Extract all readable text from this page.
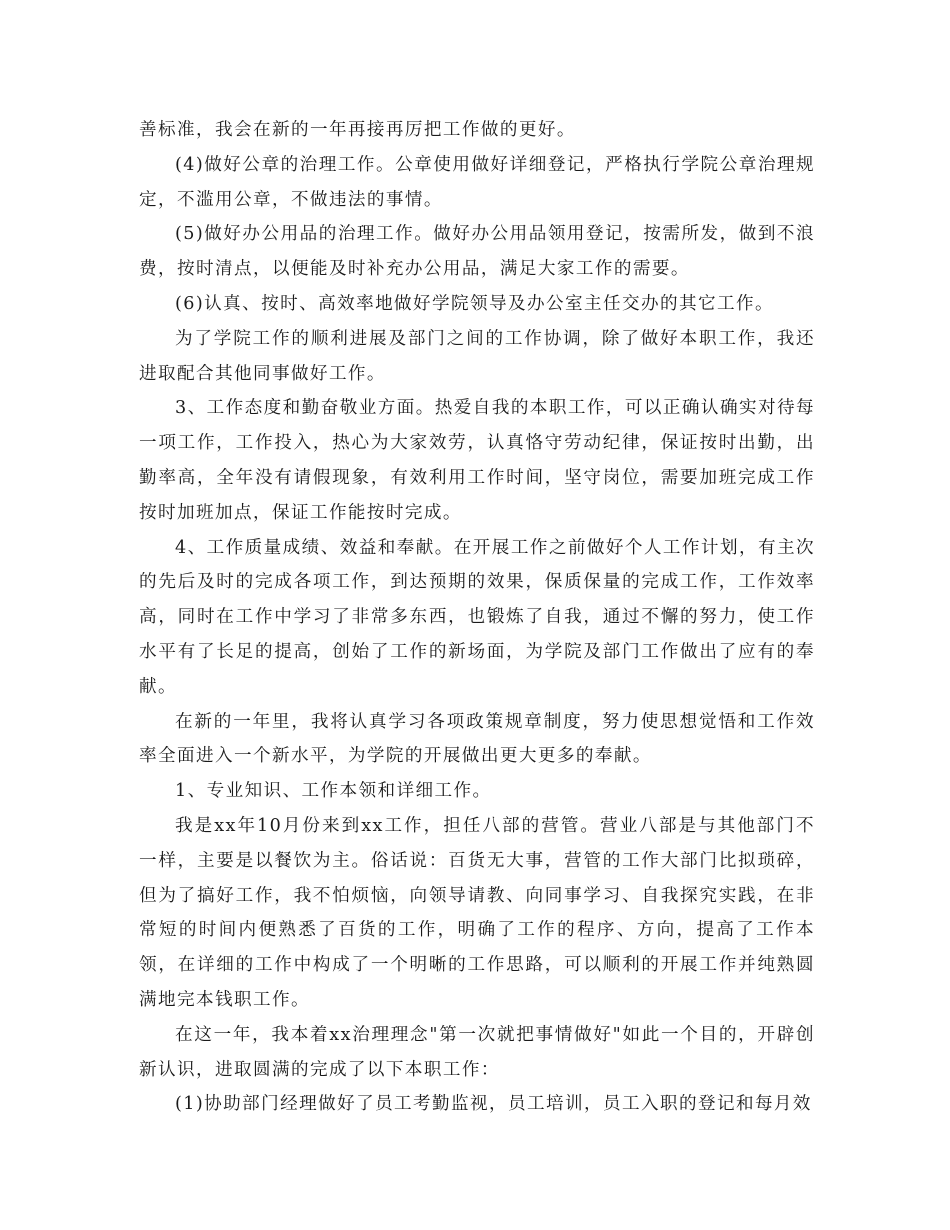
善标准，我会在新的一年再接再厉把工作做的更好。

(4)做好公章的治理工作。公章使用做好详细登记，严格执行学院公章治理规定，不滥用公章，不做违法的事情。

(5)做好办公用品的治理工作。做好办公用品领用登记，按需所发，做到不浪费，按时清点，以便能及时补充办公用品，满足大家工作的需要。

(6)认真、按时、高效率地做好学院领导及办公室主任交办的其它工作。

为了学院工作的顺利进展及部门之间的工作协调，除了做好本职工作，我还进取配合其他同事做好工作。

3、工作态度和勤奋敬业方面。热爱自我的本职工作，可以正确认确实对待每一项工作，工作投入，热心为大家效劳，认真恪守劳动纪律，保证按时出勤，出勤率高，全年没有请假现象，有效利用工作时间，坚守岗位，需要加班完成工作按时加班加点，保证工作能按时完成。

4、工作质量成绩、效益和奉献。在开展工作之前做好个人工作计划，有主次的先后及时的完成各项工作，到达预期的效果，保质保量的完成工作，工作效率高，同时在工作中学习了非常多东西，也锻炼了自我，通过不懈的努力，使工作水平有了长足的提高，创始了工作的新场面，为学院及部门工作做出了应有的奉献。

在新的一年里，我将认真学习各项政策规章制度，努力使思想觉悟和工作效率全面进入一个新水平，为学院的开展做出更大更多的奉献。

1、专业知识、工作本领和详细工作。

我是xx年10月份来到xx工作，担任八部的营管。营业八部是与其他部门不一样，主要是以餐饮为主。俗话说：百货无大事，营管的工作大部门比拟琐碎，但为了搞好工作，我不怕烦恼，向领导请教、向同事学习、自我探究实践，在非常短的时间内便熟悉了百货的工作，明确了工作的程序、方向，提高了工作本领，在详细的工作中构成了一个明晰的工作思路，可以顺利的开展工作并纯熟圆满地完本钱职工作。

在这一年，我本着xx治理理念"第一次就把事情做好"如此一个目的，开辟创新认识，进取圆满的完成了以下本职工作：

(1)协助部门经理做好了员工考勤监视，员工培训，员工入职的登记和每月效
